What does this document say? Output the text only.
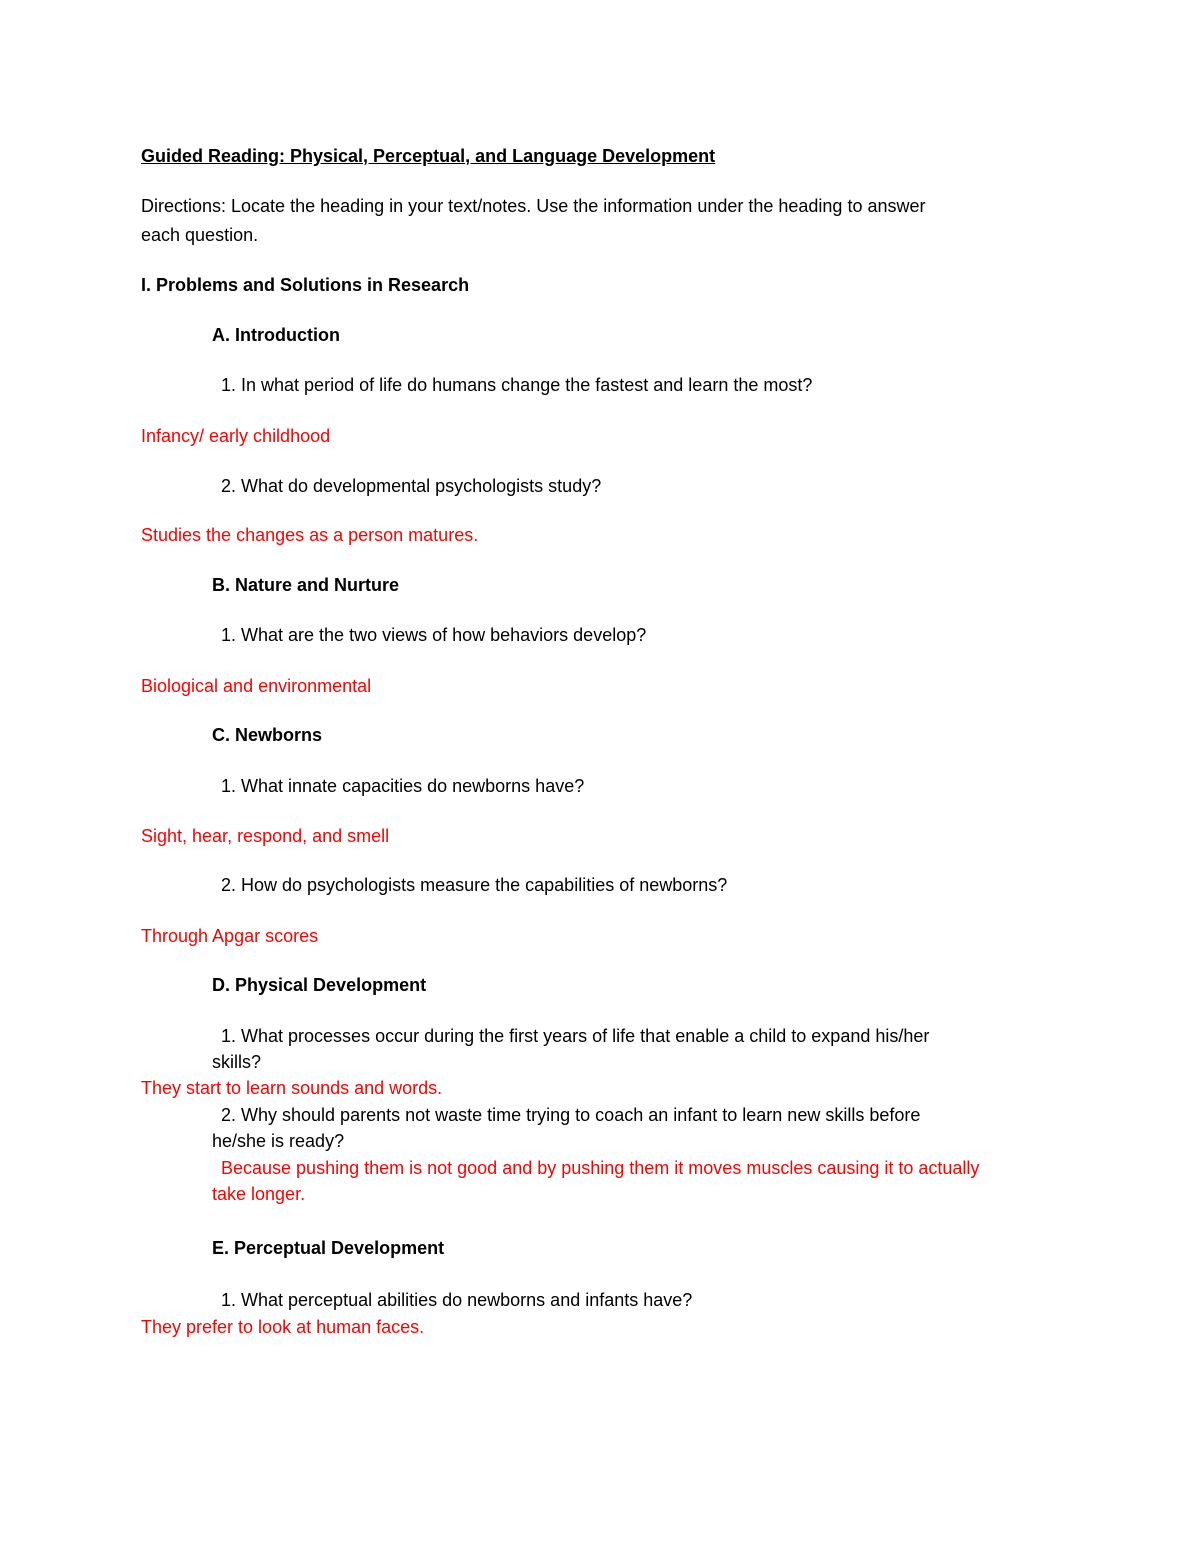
Guided Reading: Physical, Perceptual, and Language Development
Directions: Locate the heading in your text/notes. Use the information under the heading to answer
each question.
I. Problems and Solutions in Research
A. Introduction
1. In what period of life do humans change the fastest and learn the most?
Infancy/ early childhood
2. What do developmental psychologists study?
Studies the changes as a person matures.
B. Nature and Nurture
1. What are the two views of how behaviors develop?
Biological and environmental
C. Newborns
1. What innate capacities do newborns have?
Sight, hear, respond, and smell
2. How do psychologists measure the capabilities of newborns?
Through Apgar scores
D. Physical Development
1. What processes occur during the first years of life that enable a child to expand his/her
skills?
They start to learn sounds and words.
2. Why should parents not waste time trying to coach an infant to learn new skills before
he/she is ready?
Because pushing them is not good and by pushing them it moves muscles causing it to actually
take longer.
E. Perceptual Development
1. What perceptual abilities do newborns and infants have?
They prefer to look at human faces.
